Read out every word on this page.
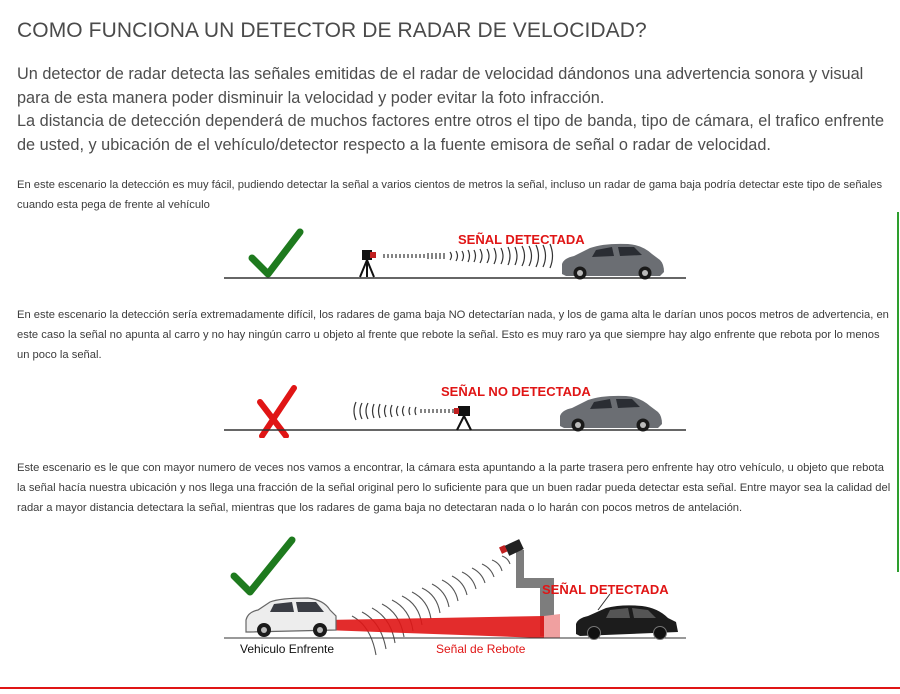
COMO FUNCIONA UN DETECTOR DE RADAR DE VELOCIDAD?
Un detector de radar detecta las señales emitidas de el radar de velocidad dándonos una advertencia sonora y visual para de esta manera poder disminuir la velocidad y poder evitar la foto infracción.
La distancia de detección dependerá de muchos factores entre otros el tipo de banda, tipo de cámara, el trafico enfrente de usted, y ubicación de el vehículo/detector respecto a la fuente emisora de señal o radar de velocidad.

En este escenario la detección es muy fácil, pudiendo detectar la señal a varios cientos de metros la señal, incluso un radar de gama baja podría detectar este tipo de señales cuando esta pega de frente al vehículo

SEÑAL DETECTADA

En este escenario la detección sería extremadamente difícil, los radares de gama baja NO detectarían nada, y los de gama alta le darían unos pocos metros de advertencia, en este caso la señal no apunta al carro y no hay ningún carro u objeto al frente que rebote la señal. Esto es muy raro ya que siempre hay algo enfrente que rebota por lo menos un poco la señal.

SEÑAL NO DETECTADA

Este escenario es le que con mayor numero de veces nos vamos a encontrar, la cámara esta apuntando a la parte trasera pero enfrente hay otro vehículo, u objeto que rebota la señal hacía nuestra ubicación y nos llega una fracción de la señal original pero lo suficiente para que un buen radar pueda detectar esta señal. Entre mayor sea la calidad del radar a mayor distancia detectara la señal, mientras que los radares de gama baja no detectaran nada o lo harán con pocos metros de antelación.

SEÑAL DETECTADA
Vehiculo Enfrente	Señal de Rebote
